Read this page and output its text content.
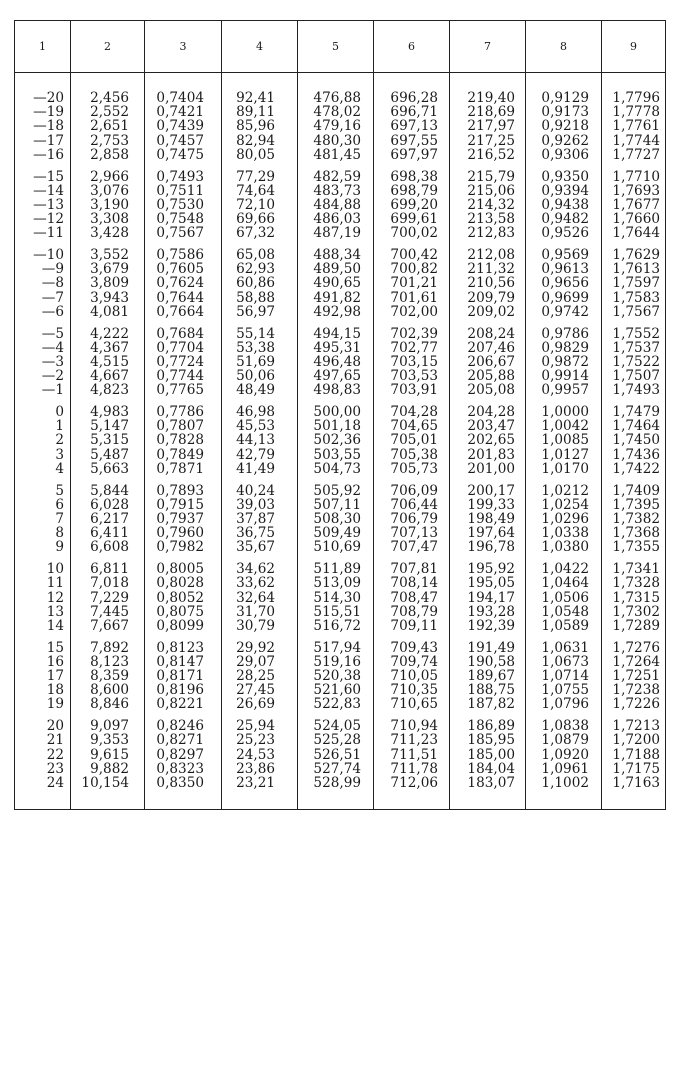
1	2	3	4	5	6	7	8	9

—20	2,456	0,7404	92,41	476,88	696,28	219,40	0,9129	1,7796
—19	2,552	0,7421	89,11	478,02	696,71	218,69	0,9173	1,7778
—18	2,651	0,7439	85,96	479,16	697,13	217,97	0,9218	1,7761
—17	2,753	0,7457	82,94	480,30	697,55	217,25	0,9262	1,7744
—16	2,858	0,7475	80,05	481,45	697,97	216,52	0,9306	1,7727

—15	2,966	0,7493	77,29	482,59	698,38	215,79	0,9350	1,7710
—14	3,076	0,7511	74,64	483,73	698,79	215,06	0,9394	1,7693
—13	3,190	0,7530	72,10	484,88	699,20	214,32	0,9438	1,7677
—12	3,308	0,7548	69,66	486,03	699,61	213,58	0,9482	1,7660
—11	3,428	0,7567	67,32	487,19	700,02	212,83	0,9526	1,7644

—10	3,552	0,7586	65,08	488,34	700,42	212,08	0,9569	1,7629
—9	3,679	0,7605	62,93	489,50	700,82	211,32	0,9613	1,7613
—8	3,809	0,7624	60,86	490,65	701,21	210,56	0,9656	1,7597
—7	3,943	0,7644	58,88	491,82	701,61	209,79	0,9699	1,7583
—6	4,081	0,7664	56,97	492,98	702,00	209,02	0,9742	1,7567

—5	4,222	0,7684	55,14	494,15	702,39	208,24	0,9786	1,7552
—4	4,367	0,7704	53,38	495,31	702,77	207,46	0,9829	1,7537
—3	4,515	0,7724	51,69	496,48	703,15	206,67	0,9872	1,7522
—2	4,667	0,7744	50,06	497,65	703,53	205,88	0,9914	1,7507
—1	4,823	0,7765	48,49	498,83	703,91	205,08	0,9957	1,7493

0	4,983	0,7786	46,98	500,00	704,28	204,28	1,0000	1,7479
1	5,147	0,7807	45,53	501,18	704,65	203,47	1,0042	1,7464
2	5,315	0,7828	44,13	502,36	705,01	202,65	1,0085	1,7450
3	5,487	0,7849	42,79	503,55	705,38	201,83	1,0127	1,7436
4	5,663	0,7871	41,49	504,73	705,73	201,00	1,0170	1,7422

5	5,844	0,7893	40,24	505,92	706,09	200,17	1,0212	1,7409
6	6,028	0,7915	39,03	507,11	706,44	199,33	1,0254	1,7395
7	6,217	0,7937	37,87	508,30	706,79	198,49	1,0296	1,7382
8	6,411	0,7960	36,75	509,49	707,13	197,64	1,0338	1,7368
9	6,608	0,7982	35,67	510,69	707,47	196,78	1,0380	1,7355

10	6,811	0,8005	34,62	511,89	707,81	195,92	1,0422	1,7341
11	7,018	0,8028	33,62	513,09	708,14	195,05	1,0464	1,7328
12	7,229	0,8052	32,64	514,30	708,47	194,17	1,0506	1,7315
13	7,445	0,8075	31,70	515,51	708,79	193,28	1,0548	1,7302
14	7,667	0,8099	30,79	516,72	709,11	192,39	1,0589	1,7289

15	7,892	0,8123	29,92	517,94	709,43	191,49	1,0631	1,7276
16	8,123	0,8147	29,07	519,16	709,74	190,58	1,0673	1,7264
17	8,359	0,8171	28,25	520,38	710,05	189,67	1,0714	1,7251
18	8,600	0,8196	27,45	521,60	710,35	188,75	1,0755	1,7238
19	8,846	0,8221	26,69	522,83	710,65	187,82	1,0796	1,7226

20	9,097	0,8246	25,94	524,05	710,94	186,89	1,0838	1,7213
21	9,353	0,8271	25,23	525,28	711,23	185,95	1,0879	1,7200
22	9,615	0,8297	24,53	526,51	711,51	185,00	1,0920	1,7188
23	9,882	0,8323	23,86	527,74	711,78	184,04	1,0961	1,7175
24	10,154	0,8350	23,21	528,99	712,06	183,07	1,1002	1,7163
